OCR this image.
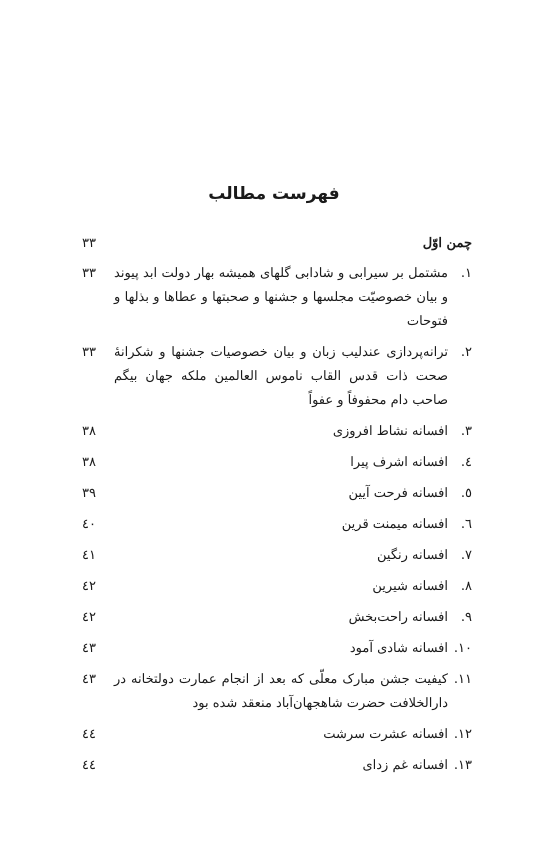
فهرست مطالب
چمن اوّل
۳۳
۱.
مشتمل بر سیرابی و شادابی گلهای همیشه بهار دولت ابد پیوند و بیان خصوصیّت مجلسها و جشنها و صحبتها و عطاها و بذلها و فتوحات
۳۳
۲.
ترانه‌پردازی عندلیب زبان و بیان خصوصیات جشنها و شکرانهٔ صحت ذات قدس القاب ناموس العالمین ملکه جهان بیگم صاحب دام محفوفاً و عفواً
۳۳
۳.
افسانه نشاط افروزی
۳۸
٤.
افسانه اشرف پیرا
۳۸
٥.
افسانه فرحت آیین
۳۹
٦.
افسانه میمنت قرین
٤٠
۷.
افسانه رنگین
٤١
۸.
افسانه شیرین
٤٢
۹.
افسانه راحت‌بخش
٤٢
۱۰.
افسانه شادی آمود
٤۳
۱۱.
کیفیت جشن مبارک معلّی که بعد از انجام عمارت دولتخانه در دارالخلافت حضرت شاهجهان‌آباد منعقد شده بود
٤۳
۱۲.
افسانه عشرت سرشت
٤٤
۱۳.
افسانه غم زدای
٤٤
